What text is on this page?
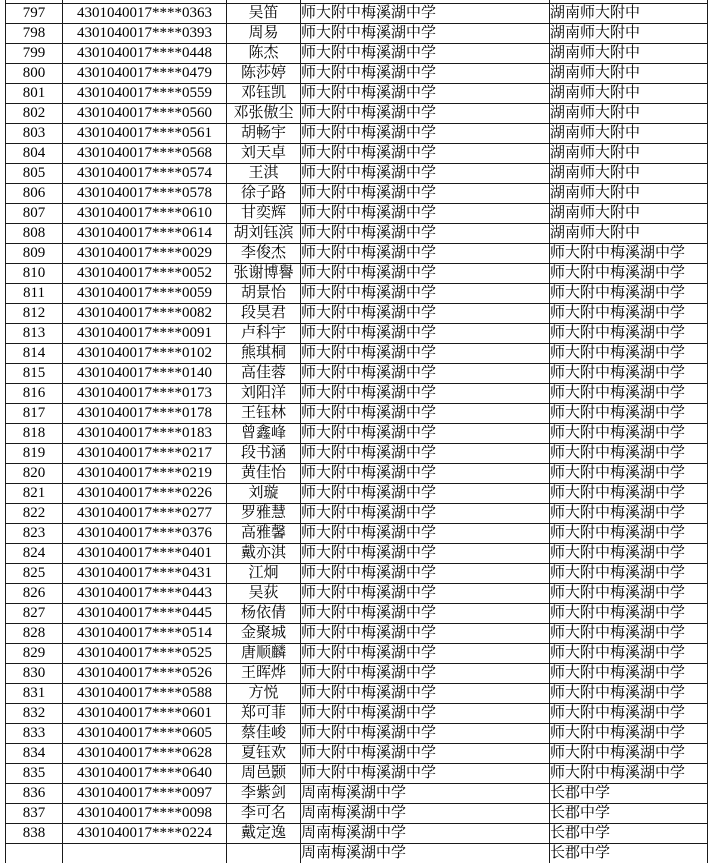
797	4301040017****0363	吴笛	师大附中梅溪湖中学	湖南师大附中
798	4301040017****0393	周易	师大附中梅溪湖中学	湖南师大附中
799	4301040017****0448	陈杰	师大附中梅溪湖中学	湖南师大附中
800	4301040017****0479	陈莎婷	师大附中梅溪湖中学	湖南师大附中
801	4301040017****0559	邓钰凯	师大附中梅溪湖中学	湖南师大附中
802	4301040017****0560	邓张傲尘	师大附中梅溪湖中学	湖南师大附中
803	4301040017****0561	胡畅宇	师大附中梅溪湖中学	湖南师大附中
804	4301040017****0568	刘天卓	师大附中梅溪湖中学	湖南师大附中
805	4301040017****0574	王淇	师大附中梅溪湖中学	湖南师大附中
806	4301040017****0578	徐子路	师大附中梅溪湖中学	湖南师大附中
807	4301040017****0610	甘奕辉	师大附中梅溪湖中学	湖南师大附中
808	4301040017****0614	胡刘钰滨	师大附中梅溪湖中学	湖南师大附中
809	4301040017****0029	李俊杰	师大附中梅溪湖中学	师大附中梅溪湖中学
810	4301040017****0052	张谢博譽	师大附中梅溪湖中学	师大附中梅溪湖中学
811	4301040017****0059	胡景怡	师大附中梅溪湖中学	师大附中梅溪湖中学
812	4301040017****0082	段昊君	师大附中梅溪湖中学	师大附中梅溪湖中学
813	4301040017****0091	卢科宇	师大附中梅溪湖中学	师大附中梅溪湖中学
814	4301040017****0102	熊琪桐	师大附中梅溪湖中学	师大附中梅溪湖中学
815	4301040017****0140	高佳蓉	师大附中梅溪湖中学	师大附中梅溪湖中学
816	4301040017****0173	刘阳洋	师大附中梅溪湖中学	师大附中梅溪湖中学
817	4301040017****0178	王钰林	师大附中梅溪湖中学	师大附中梅溪湖中学
818	4301040017****0183	曾鑫峰	师大附中梅溪湖中学	师大附中梅溪湖中学
819	4301040017****0217	段书涵	师大附中梅溪湖中学	师大附中梅溪湖中学
820	4301040017****0219	黄佳怡	师大附中梅溪湖中学	师大附中梅溪湖中学
821	4301040017****0226	刘璇	师大附中梅溪湖中学	师大附中梅溪湖中学
822	4301040017****0277	罗雅慧	师大附中梅溪湖中学	师大附中梅溪湖中学
823	4301040017****0376	高雅馨	师大附中梅溪湖中学	师大附中梅溪湖中学
824	4301040017****0401	戴亦淇	师大附中梅溪湖中学	师大附中梅溪湖中学
825	4301040017****0431	江炯	师大附中梅溪湖中学	师大附中梅溪湖中学
826	4301040017****0443	吴荻	师大附中梅溪湖中学	师大附中梅溪湖中学
827	4301040017****0445	杨依倩	师大附中梅溪湖中学	师大附中梅溪湖中学
828	4301040017****0514	金聚城	师大附中梅溪湖中学	师大附中梅溪湖中学
829	4301040017****0525	唐顺麟	师大附中梅溪湖中学	师大附中梅溪湖中学
830	4301040017****0526	王晖烨	师大附中梅溪湖中学	师大附中梅溪湖中学
831	4301040017****0588	方悦	师大附中梅溪湖中学	师大附中梅溪湖中学
832	4301040017****0601	郑可菲	师大附中梅溪湖中学	师大附中梅溪湖中学
833	4301040017****0605	蔡佳峻	师大附中梅溪湖中学	师大附中梅溪湖中学
834	4301040017****0628	夏钰欢	师大附中梅溪湖中学	师大附中梅溪湖中学
835	4301040017****0640	周邑颢	师大附中梅溪湖中学	师大附中梅溪湖中学
836	4301040017****0097	李紫剑	周南梅溪湖中学	长郡中学
837	4301040017****0098	李可名	周南梅溪湖中学	长郡中学
838	4301040017****0224	戴定逸	周南梅溪湖中学	长郡中学
			周南梅溪湖中学	长郡中学
